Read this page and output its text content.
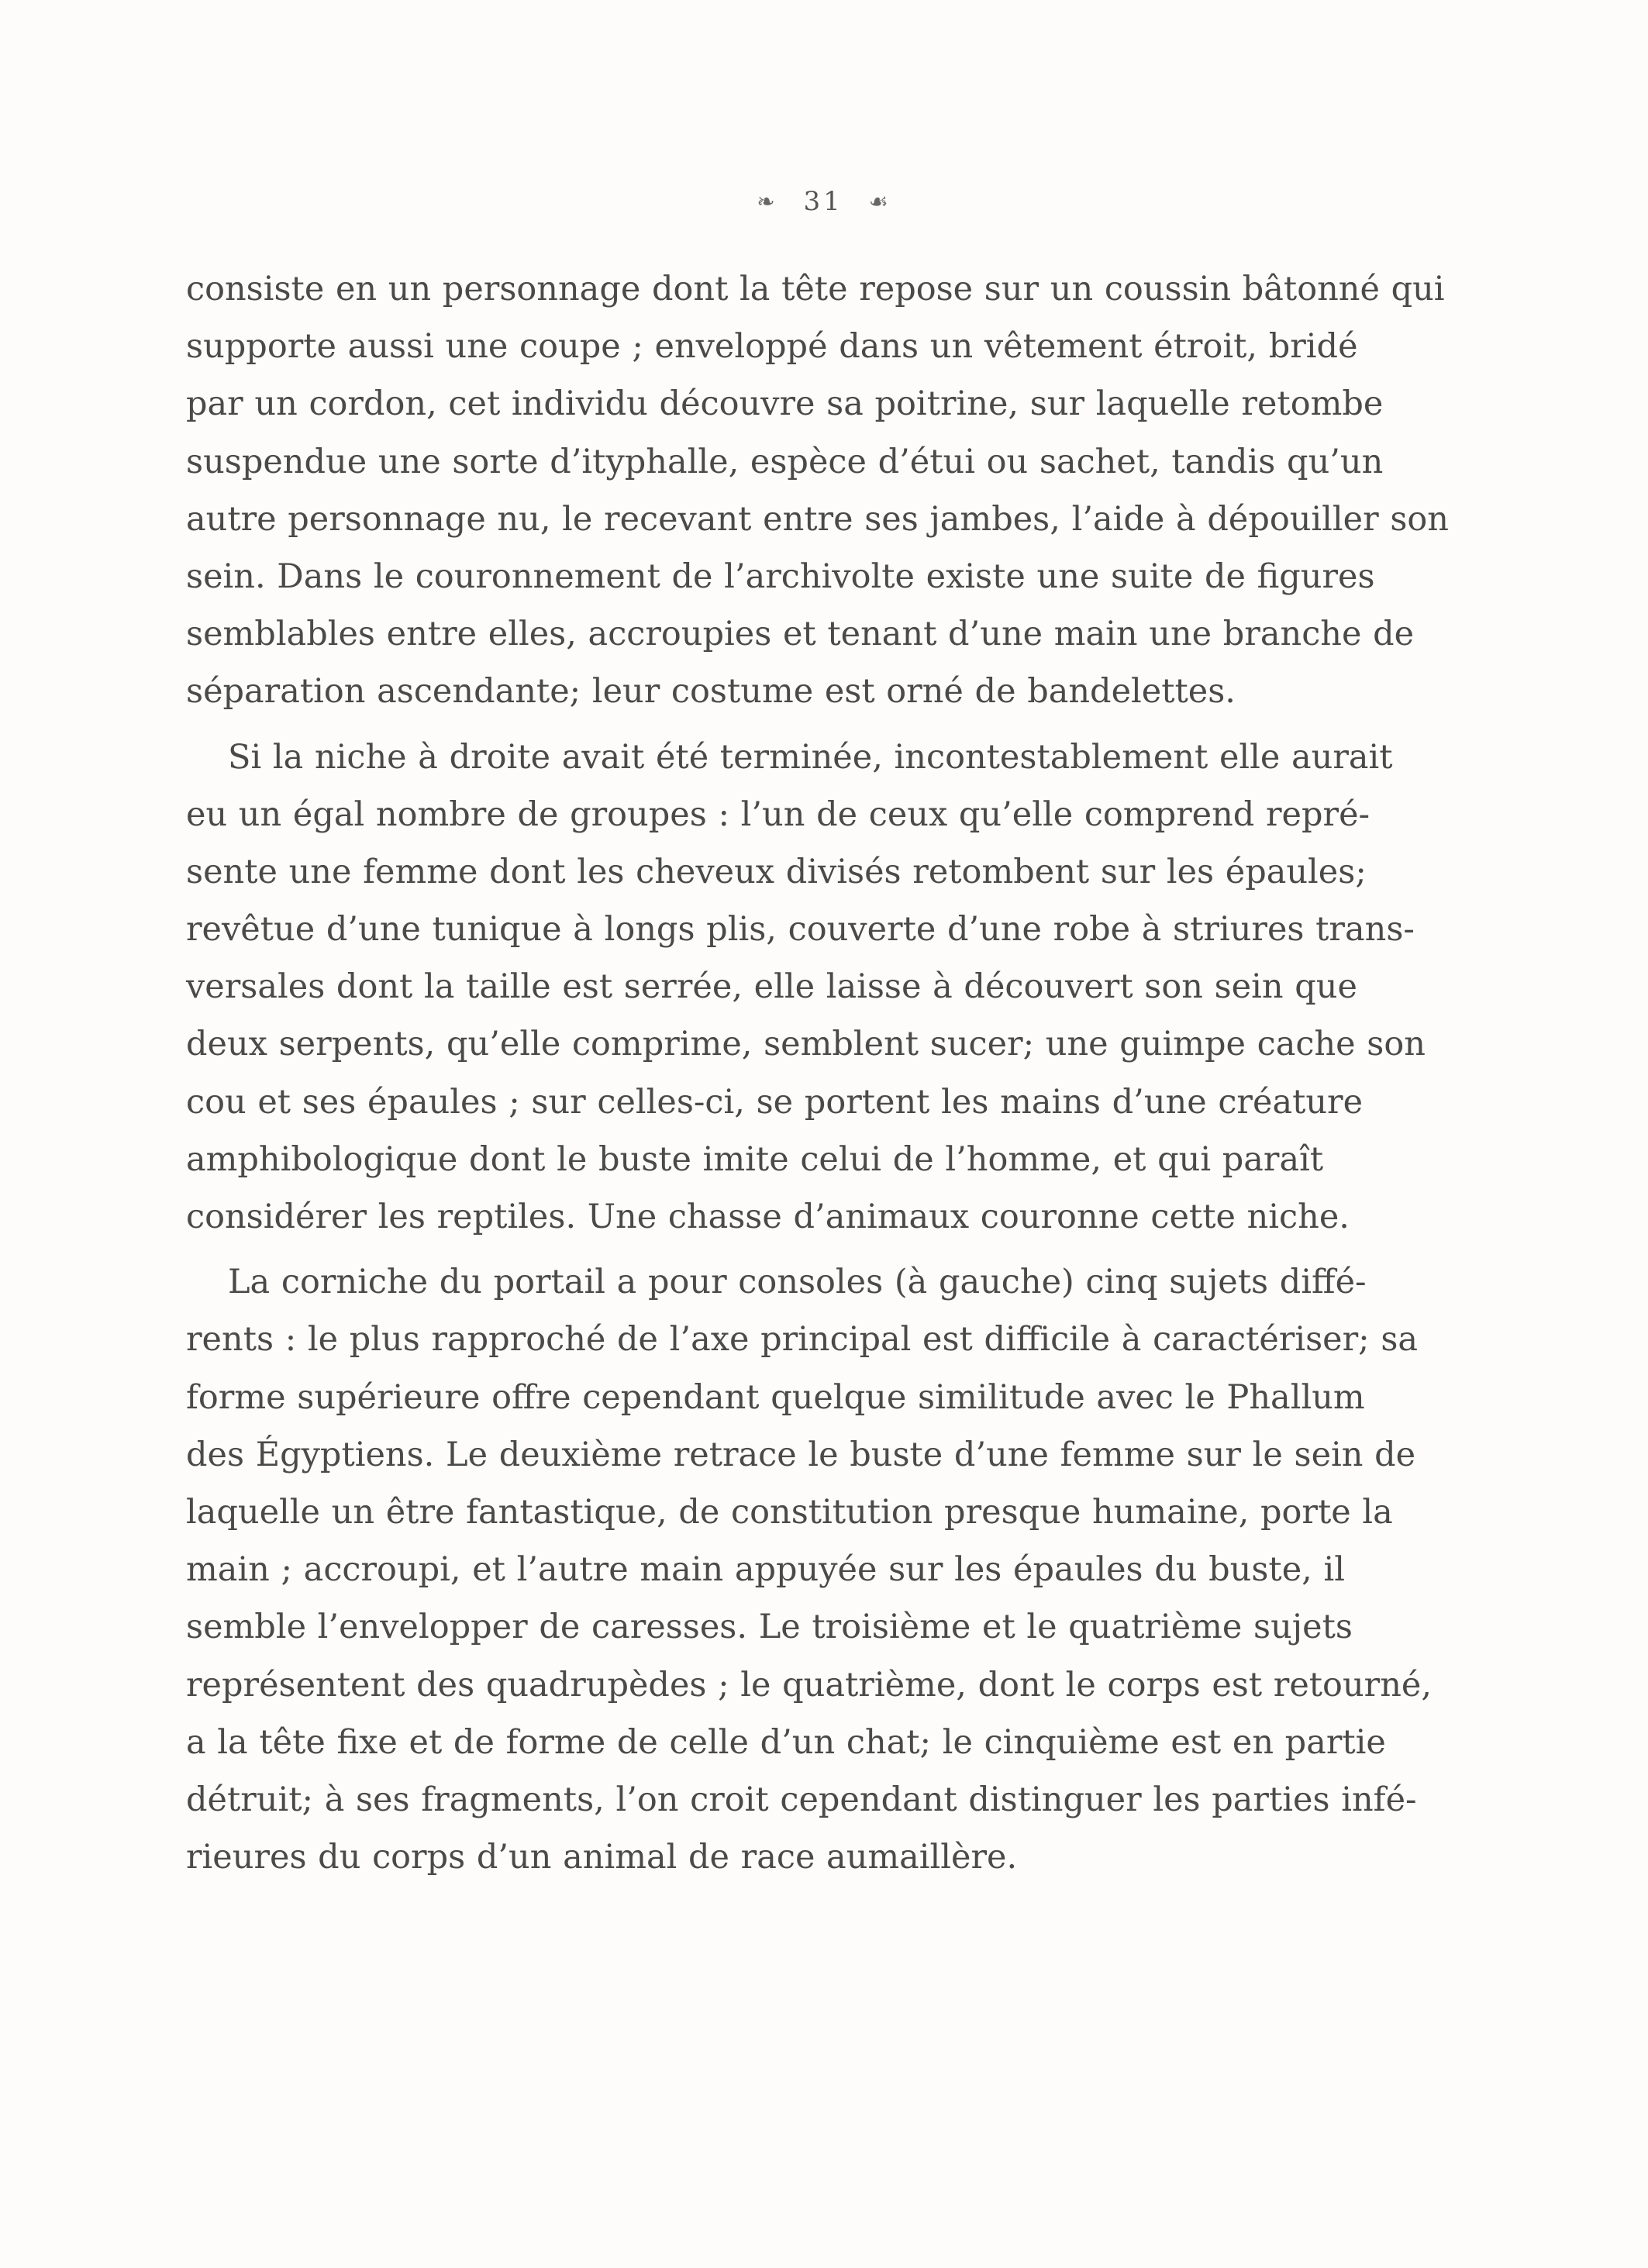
❧ 31 ☙
consiste en un personnage dont la tête repose sur un coussin bâtonné qui
supporte aussi une coupe ; enveloppé dans un vêtement étroit, bridé
par un cordon, cet individu découvre sa poitrine, sur laquelle retombe
suspendue une sorte d’ityphalle, espèce d’étui ou sachet, tandis qu’un
autre personnage nu, le recevant entre ses jambes, l’aide à dépouiller son
sein. Dans le couronnement de l’archivolte existe une suite de figures
semblables entre elles, accroupies et tenant d’une main une branche de
séparation ascendante; leur costume est orné de bandelettes.
Si la niche à droite avait été terminée, incontestablement elle aurait
eu un égal nombre de groupes : l’un de ceux qu’elle comprend repré-
sente une femme dont les cheveux divisés retombent sur les épaules;
revêtue d’une tunique à longs plis, couverte d’une robe à striures trans-
versales dont la taille est serrée, elle laisse à découvert son sein que
deux serpents, qu’elle comprime, semblent sucer; une guimpe cache son
cou et ses épaules ; sur celles-ci, se portent les mains d’une créature
amphibologique dont le buste imite celui de l’homme, et qui paraît
considérer les reptiles. Une chasse d’animaux couronne cette niche.
La corniche du portail a pour consoles (à gauche) cinq sujets diffé-
rents : le plus rapproché de l’axe principal est difficile à caractériser; sa
forme supérieure offre cependant quelque similitude avec le Phallum
des Égyptiens. Le deuxième retrace le buste d’une femme sur le sein de
laquelle un être fantastique, de constitution presque humaine, porte la
main ; accroupi, et l’autre main appuyée sur les épaules du buste, il
semble l’envelopper de caresses. Le troisième et le quatrième sujets
représentent des quadrupèdes ; le quatrième, dont le corps est retourné,
a la tête fixe et de forme de celle d’un chat; le cinquième est en partie
détruit; à ses fragments, l’on croit cependant distinguer les parties infé-
rieures du corps d’un animal de race aumaillère.
